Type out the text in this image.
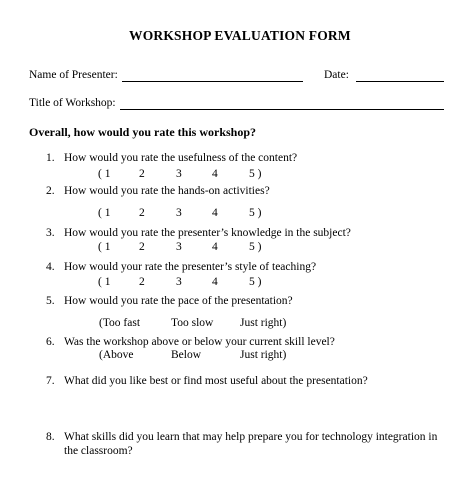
WORKSHOP EVALUATION FORM
Name of Presenter:	Date:
Title of Workshop:
Overall, how would you rate this workshop?
1. How would you rate the usefulness of the content?
( 1 2	3	4	5 )
2. How would you rate the hands-on activities?
( 1 2	3	4	5 )
3. How would you rate the presenter’s knowledge in the subject?
( 1 2	3	4	5 )
4. How would your rate the presenter’s style of teaching?
( 1 2	3	4	5 )
5. How would you rate the pace of the presentation?
(Too fast	Too slow Just right)
6. Was the workshop above or below your current skill level?
(Above	Below	Just right)
7. What did you like best or find most useful about the presentation?
8. What skills did you learn that may help prepare you for technology integration in
the classroom?
